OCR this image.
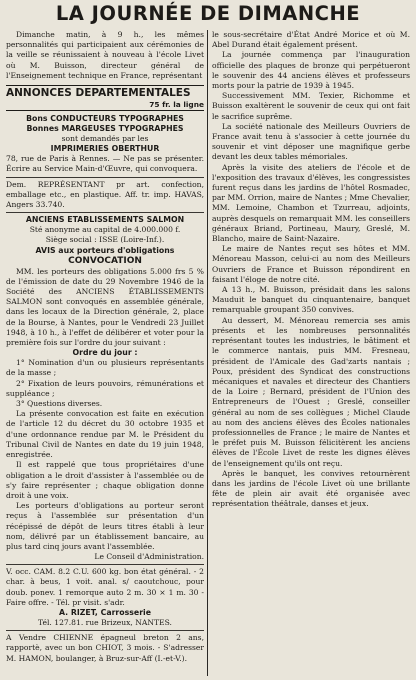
LA JOURNÉE DE DIMANCHE

Dimanche matin, à 9 h., les mêmes personnalités qui participaient aux cérémonies de la veille se réunissaient à nouveau à l'école Livet où M. Buisson, directeur général de l'Enseignement technique en France, représentant

ANNONCES DEPARTEMENTALES
75 fr. la ligne
Bons CONDUCTEURS TYPOGRAPHES
Bonnes MARGEUSES TYPOGRAPHES

sont demandés par les

IMPRIMERIES OBERTHUR

78, rue de Paris à Rennes. — Ne pas se présenter. Écrire au Service Main-d'Œuvre, qui convoquera.

Dem. REPRÉSENTANT pr art. confection, emballage etc., en plastique. Aff. tr. imp. HAVAS, Angers 33.740.

ANCIENS ETABLISSEMENTS SALMON

Sté anonyme au capital de 4.000.000 f.

Siège social : ISSE (Loire-Inf.).

AVIS aux porteurs d'obligations
CONVOCATION

MM. les porteurs des obligations 5.000 frs 5 % de l'émission de date du 29 Novembre 1946 de la Société des ANCIENS ÉTABLISSEMENTS SALMON sont convoqués en assemblée générale, dans les locaux de la Direction générale, 2, place de la Bourse, à Nantes, pour le Vendredi 23 Juillet 1948, à 10 h., à l'effet de délibérer et voter pour la première fois sur l'ordre du jour suivant :

Ordre du jour :

1° Nomination d'un ou plusieurs représentants de la masse ;

2° Fixation de leurs pouvoirs, rémunérations et suppléance ;

3° Questions diverses.

La présente convocation est faite en exécution de l'article 12 du décret du 30 octobre 1935 et d'une ordonnance rendue par M. le Président du Tribunal Civil de Nantes en date du 19 juin 1948, enregistrée.

Il est rappelé que tous propriétaires d'une obligation a le droit d'assister à l'assemblée ou de s'y faire représenter ; chaque obligation donne droit à une voix.

Les porteurs d'obligations au porteur seront reçus à l'assemblée sur présentation d'un récépissé de dépôt de leurs titres établi à leur nom, délivré par un établissement bancaire, au plus tard cinq jours avant l'assemblée.

Le Conseil d'Administration.

V. occ. CAM. 8.2 C.U. 600 kg. bon état général. - 2 char. à beus, 1 voit. anal. s/ caoutchouc, pour doub. ponev. 1 remorque auto 2 m. 30 × 1 m. 30 - Faire offre. - Tél. pr visit. s'adr.

A. RIZET, Carrosserie

Tél. 127.81. rue Brizeux, NANTES.

A Vendre CHIENNE épagneul breton 2 ans, rapportè, avec un bon CHIOT, 3 mois. - S'adresser M. HAMON, boulanger, à Bruz-sur-Aff (I.-et-V.).

le sous-secrétaire d'État André Morice et où M. Abel Durand était également présent.

La journée commença par l'inauguration officielle des plaques de bronze qui perpétueront le souvenir des 44 anciens élèves et professeurs morts pour la patrie de 1939 à 1945.

Successivement MM. Texier, Richomme et Buisson exaltèrent le souvenir de ceux qui ont fait le sacrifice suprême.

La société nationale des Meilleurs Ouvriers de France avait tenu à s'associer à cette journée du souvenir et vint déposer une magnifique gerbe devant les deux tables mémoriales.

Après la visite des ateliers de l'école et de l'exposition des travaux d'élèves, les congressistes furent reçus dans les jardins de l'hôtel Rosmadec, par MM. Orrion, maire de Nantes ; Mme Chevalier, MM. Lemoine, Chambon et Tzurreau, adjoints, auprès desquels on remarquait MM. les conseillers généraux Briand, Portineau, Maury, Greslé, M. Blancho, maire de Saint-Nazaire.

Le maire de Nantes reçut ses hôtes et MM. Ménoreau Masson, celui-ci au nom des Meilleurs Ouvriers de France et Buisson répondirent en faisant l'éloge de notre cité.

A 13 h., M. Buisson, présidait dans les salons Mauduit le banquet du cinquantenaire, banquet remarquable groupant 350 convives.

Au dessert, M. Ménoreau remercia ses amis présents et les nombreuses personnalités représentant toutes les industries, le bâtiment et le commerce nantais, puis MM. Fresneau, président de l'Amicale des Gad'zarts nantais ; Poux, président des Syndicat des constructions mécaniques et navales et directeur des Chantiers de la Loire ; Bernard, président de l'Union des Entrepreneurs de l'Ouest ; Greslé, conseiller général au nom de ses collègues ; Michel Claude au nom des anciens élèves des Écoles nationales professionnelles de France ; le maire de Nantes et le préfet puis M. Buisson félicitèrent les anciens élèves de l'École Livet de reste les dignes élèves de l'enseignement qu'ils ont reçu.

Après le banquet, les convives retournèrent dans les jardins de l'école Livet où une brillante fête de plein air avait été organisée avec représentation théâtrale, danses et jeux.
